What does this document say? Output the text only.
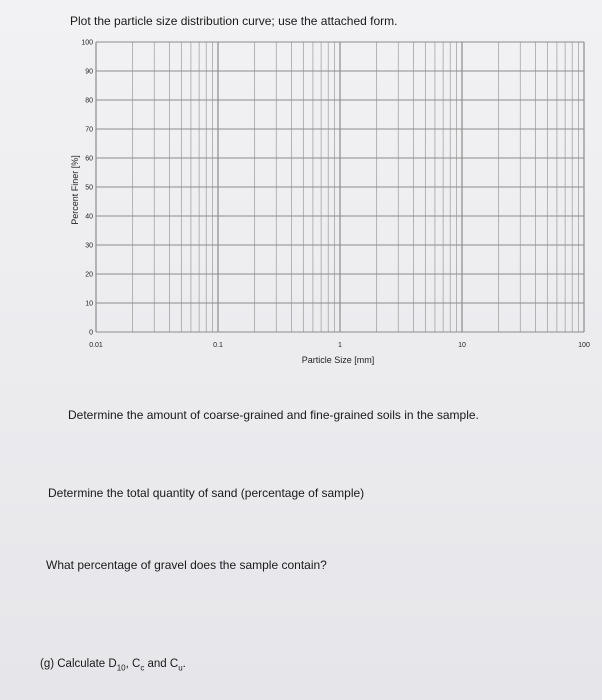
Plot the particle size distribution curve; use the attached form.
0
10
20
30
40
50
60
70
80
90
100
0.01	0.1	1	10	100
Percent Finer [%]
Particle Size [mm]
Determine the amount of coarse-grained and fine-grained soils in the sample.
Determine the total quantity of sand (percentage of sample)
What percentage of gravel does the sample contain?
(g) Calculate $D_{10}$, $C_c$ and $C_u$.
